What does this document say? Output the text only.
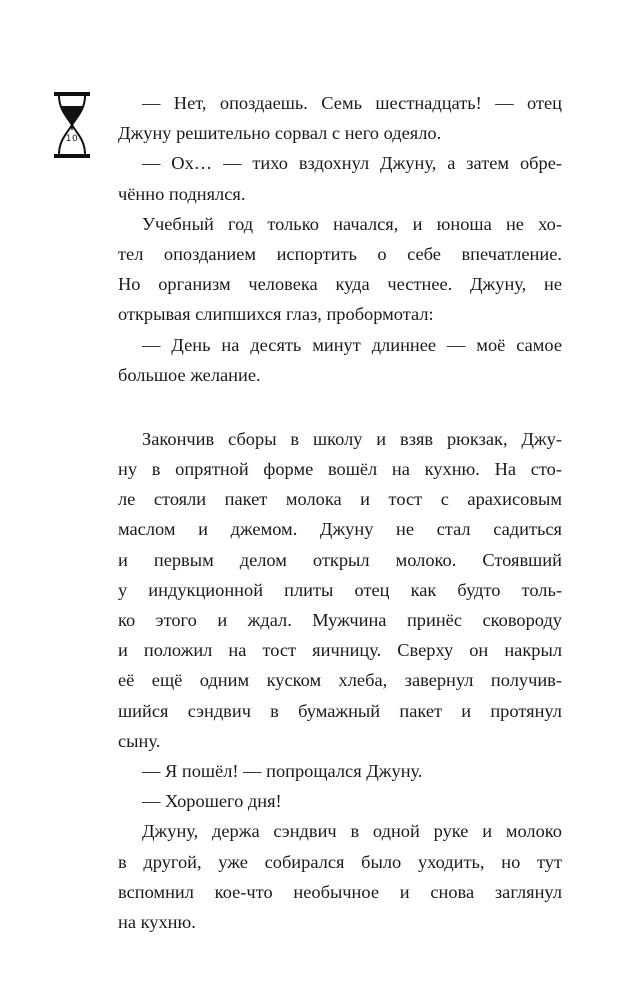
10
— Нет, опоздаешь. Семь шестнадцать! — отец
Джуну решительно сорвал с него одеяло.
— Ох… — тихо вздохнул Джуну, а затем обре-
чённо поднялся.
Учебный год только начался, и юноша не хо-
тел опозданием испортить о себе впечатление.
Но организм человека куда честнее. Джуну, не
открывая слипшихся глаз, пробормотал:
— День на десять минут длиннее — моё самое
большое желание.
Закончив сборы в школу и взяв рюкзак, Джу-
ну в опрятной форме вошёл на кухню. На сто-
ле стояли пакет молока и тост с арахисовым
маслом и джемом. Джуну не стал садиться
и первым делом открыл молоко. Стоявший
у индукционной плиты отец как будто толь-
ко этого и ждал. Мужчина принёс сковороду
и положил на тост яичницу. Сверху он накрыл
её ещё одним куском хлеба, завернул получив-
шийся сэндвич в бумажный пакет и протянул
сыну.
— Я пошёл! — попрощался Джуну.
— Хорошего дня!
Джуну, держа сэндвич в одной руке и молоко
в другой, уже собирался было уходить, но тут
вспомнил кое-что необычное и снова заглянул
на кухню.
